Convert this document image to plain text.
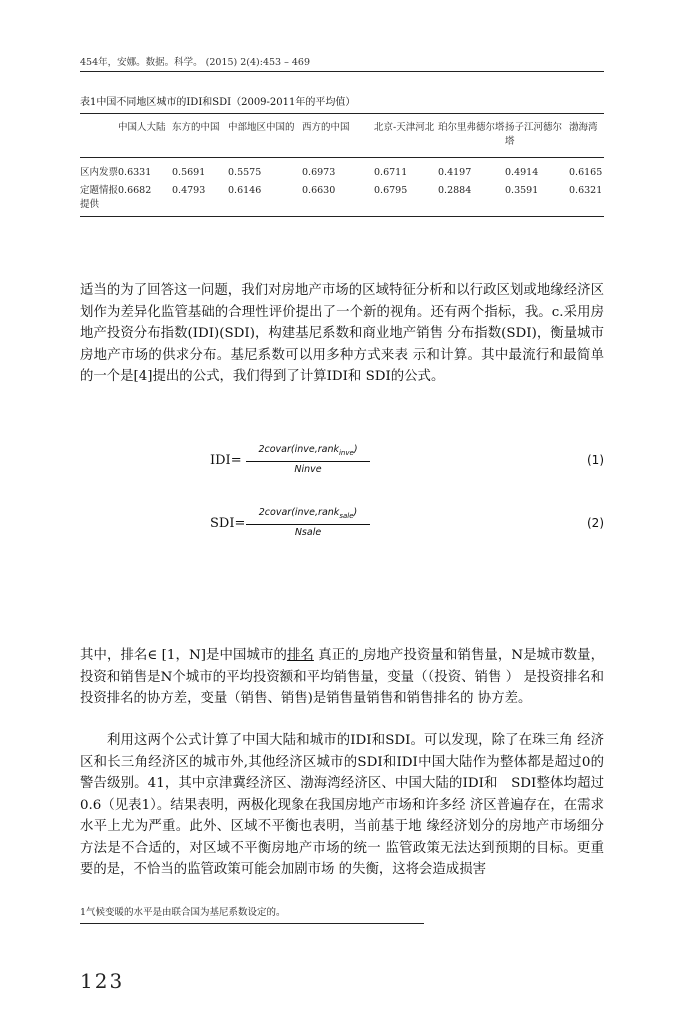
454年，安娜。数据。科学。 (2015) 2(4):453 – 469
表1中国不同地区城市的IDI和SDI（2009-2011年的平均值）
	中国人大陆	东方的中国	中部地区中国的	西方的中国	北京-天津河北	珀尔里弗德尔塔	扬子江河德尔塔	渤海湾
区内发票	0.6331	0.5691	0.5575	0.6973	0.6711	0.4197	0.4914	0.6165
定题情报提供	0.6682	0.4793	0.6146	0.6630	0.6795	0.2884	0.3591	0.6321

适当的为了回答这一问题，我们对房地产市场的区域特征分析和以行政区划或地缘经济区划作为差异化监管基础的合理性评价提出了一个新的视角。还有两个指标，我。c.采用房地产投资分布指数(IDI)(SDI)，构建基尼系数和商业地产销售 分布指数(SDI)，衡量城市房地产市场的供求分布。基尼系数可以用多种方式来表 示和计算。其中最流行和最简单的一个是[4]提出的公式，我们得到了计算IDI和 SDI的公式。

IDI=
2covar(inve,rank$_{inve}$)
Ninve
(1)
SDI=
2covar(inve,rank$_{sale}$)
Nsale
(2)

其中，排名∈ [1，N]是中国城市的排名 真正的 房地产投资量和销售量，N是城市数量，投资和销售是N个城市的平均投资额和平均销售量，变量（（投资、销售 ） 是投资排名和投资排名的协方差，变量（销售、销售)是销售量销售和销售排名的 协方差。

利用这两个公式计算了中国大陆和城市的IDI和SDI。可以发现，除了在珠三角 经济区和长三角经济区的城市外,其他经济区城市的SDI和IDI中国大陆作为整体都是超过0的警告级别。41，其中京津冀经济区、渤海湾经济区、中国大陆的IDI和　SDI整体均超过0.6（见表1）。结果表明，两极化现象在我国房地产市场和许多经 济区普遍存在，在需求水平上尤为严重。此外、区域不平衡也表明，当前基于地 缘经济划分的房地产市场细分方法是不合适的，对区域不平衡房地产市场的统一 监管政策无法达到预期的目标。更重要的是，不恰当的监管政策可能会加剧市场 的失衡，这将会造成损害

1气候变暖的水平是由联合国为基尼系数设定的。
123
